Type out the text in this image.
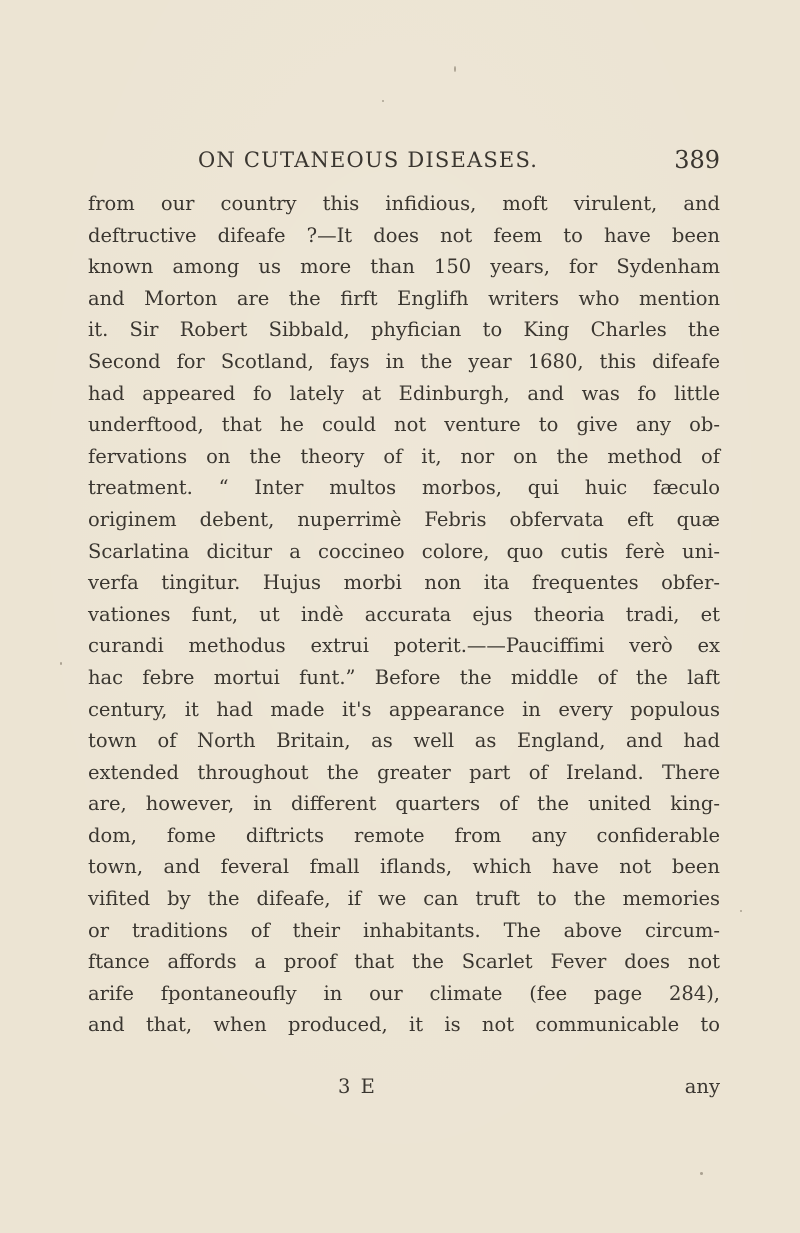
ON CUTANEOUS DISEASES.	389
from our country this infidious, moft virulent, and
deftructive difeafe ?—It does not feem to have been
known among us more than 150 years, for Sydenham
and Morton are the firft Englifh writers who mention
it. Sir Robert Sibbald, phyfician to King Charles the
Second for Scotland, fays in the year 1680, this difeafe
had appeared fo lately at Edinburgh, and was fo little
underftood, that he could not venture to give any ob-
fervations on the theory of it, nor on the method of
treatment. “ Inter multos morbos, qui huic fæculo
originem debent, nuperrimè Febris obfervata eft quæ
Scarlatina dicitur a coccineo colore, quo cutis ferè uni-
verfa tingitur. Hujus morbi non ita frequentes obfer-
vationes funt, ut indè accurata ejus theoria tradi, et
curandi methodus extrui poterit.——Pauciffimi verò ex
hac febre mortui funt.” Before the middle of the laft
century, it had made it's appearance in every populous
town of North Britain, as well as England, and had
extended throughout the greater part of Ireland. There
are, however, in different quarters of the united king-
dom, fome diftricts remote from any confiderable
town, and feveral fmall iflands, which have not been
vifited by the difeafe, if we can truft to the memories
or traditions of their inhabitants. The above circum-
ftance affords a proof that the Scarlet Fever does not
arife fpontaneoufly in our climate (fee page 284),
and that, when produced, it is not communicable to
3 E	any
